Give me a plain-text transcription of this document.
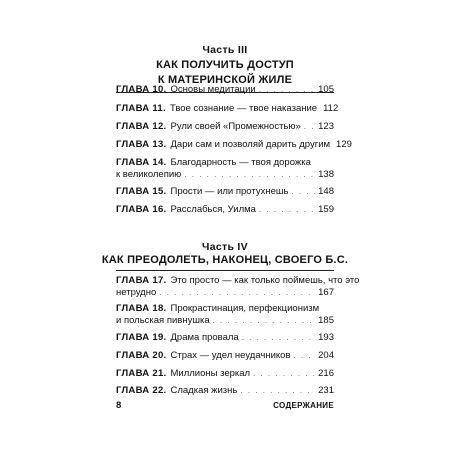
Часть III
КАК ПОЛУЧИТЬ ДОСТУП
К МАТЕРИНСКОЙ ЖИЛЕ
ГЛАВА 10. Основы медитации . . .	105
ГЛАВА 11. Твое сознание — твое наказание 112
ГЛАВА 12. Рули своей «Промежностью» . . . 123
ГЛАВА 13. Дари сам и позволяй дарить другим 129
ГЛАВА 14. Благодарность — твоя дорожка
к великолепию . . .	138
ГЛАВА 15. Прости — или протухнешь . . .	148
ГЛАВА 16. Расслабься, Уилма . . .	159
Часть IV
КАК ПРЕОДОЛЕТЬ, НАКОНЕЦ, СВОЕГО Б.С.
ГЛАВА 17. Это просто — как только поймешь, что это
нетрудно . . .	167
ГЛАВА 18. Прокрастинация, перфекционизм
и польская пивнушка . . .	185
ГЛАВА 19. Драма провала . . .	193
ГЛАВА 20. Страх — удел неудачников . . .	204
ГЛАВА 21. Миллионы зеркал . . .	216
ГЛАВА 22. Сладкая жизнь . . .	231
8	СОДЕРЖАНИЕ
